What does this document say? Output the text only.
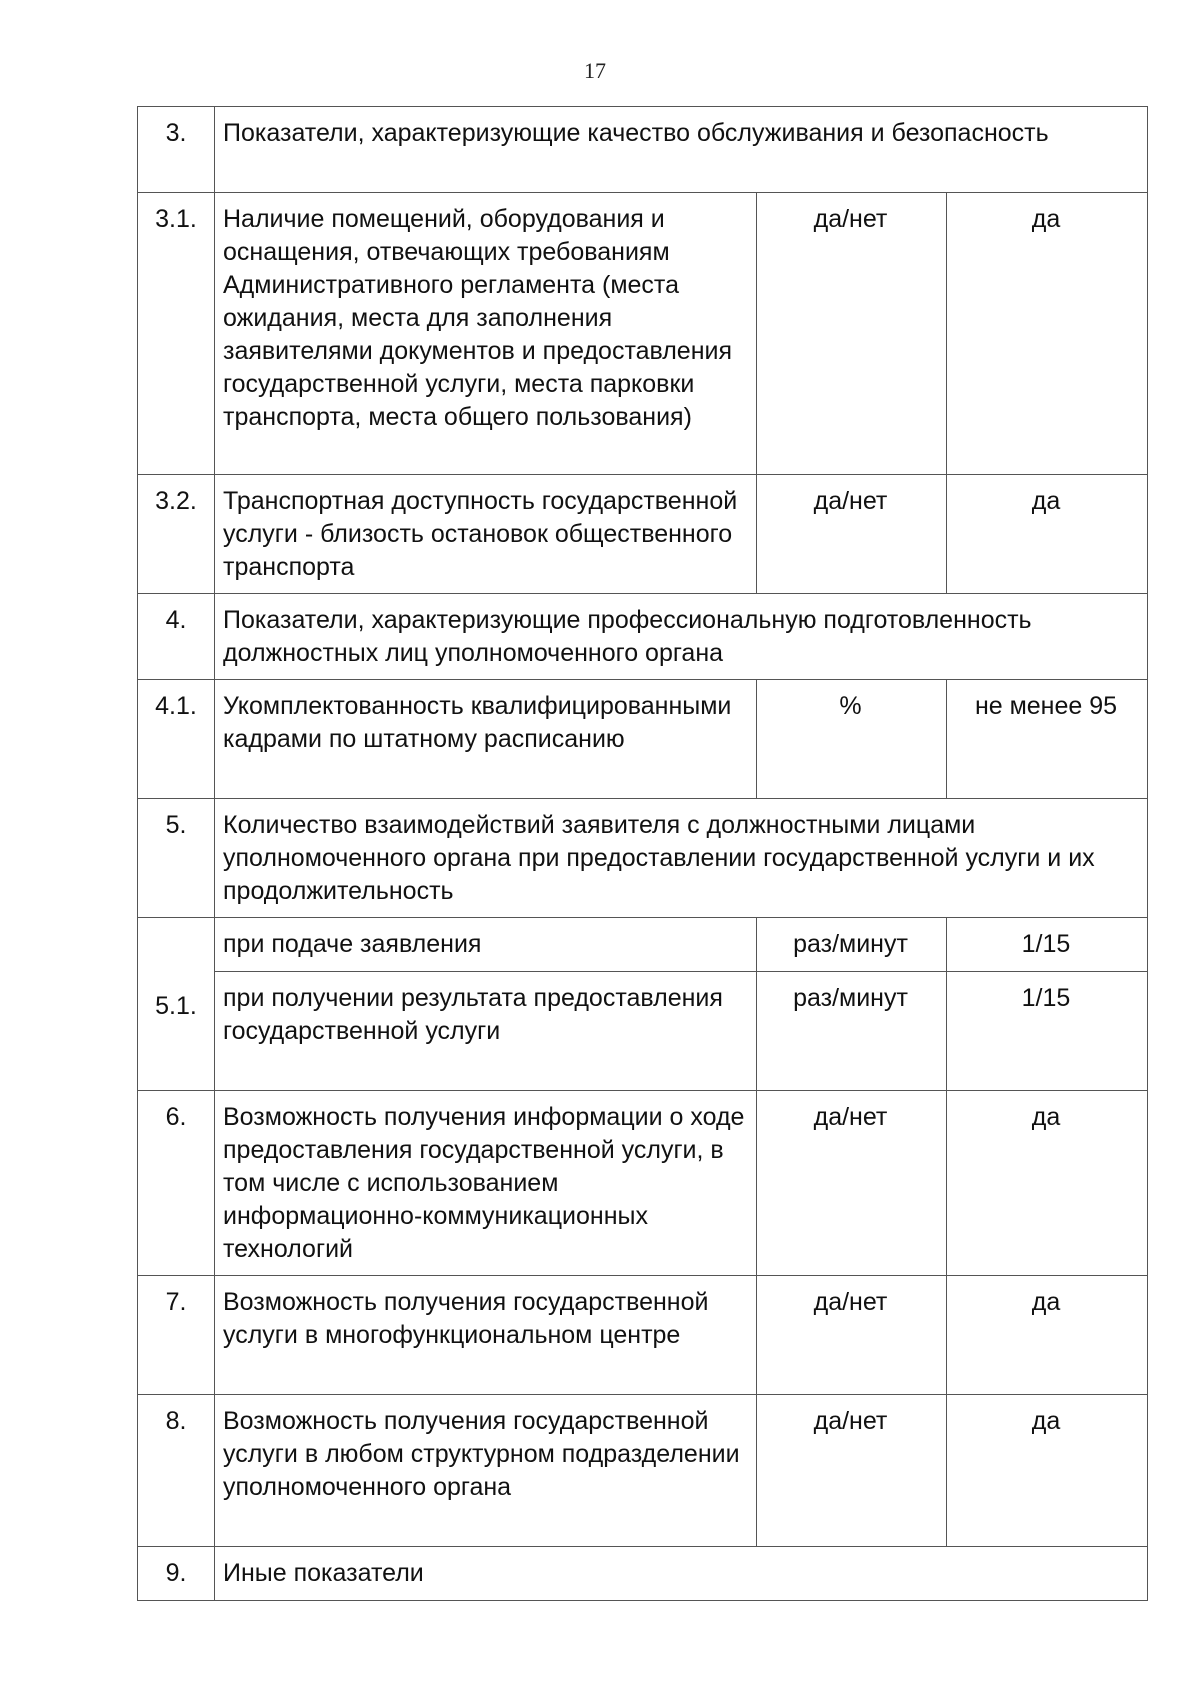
17
3.	Показатели, характеризующие качество обслуживания и безопасность		
3.1.	Наличие помещений, оборудования и оснащения, отвечающих требованиям Административного регламента (места ожидания, места для заполнения заявителями документов и предоставления государственной услуги, места парковки транспорта, места общего пользования)	да/нет	да
3.2.	Транспортная доступность государственной услуги - близость остановок общественного транспорта	да/нет	да
4.	Показатели, характеризующие профессиональную подготовленность должностных лиц уполномоченного органа		
4.1.	Укомплектованность квалифицированными кадрами по штатному расписанию	%	не менее 95
5.	Количество взаимодействий заявителя с должностными лицами уполномоченного органа при предоставлении государственной услуги и их продолжительность		
5.1.	при подаче заявления	раз/минут	1/15
	при получении результата предоставления государственной услуги	раз/минут	1/15
6.	Возможность получения информации о ходе предоставления государственной услуги, в том числе с использованием информационно-коммуникационных технологий	да/нет	да
7.	Возможность получения государственной услуги в многофункциональном центре	да/нет	да
8.	Возможность получения государственной услуги в любом структурном подразделении уполномоченного органа	да/нет	да
9.	Иные показатели		
